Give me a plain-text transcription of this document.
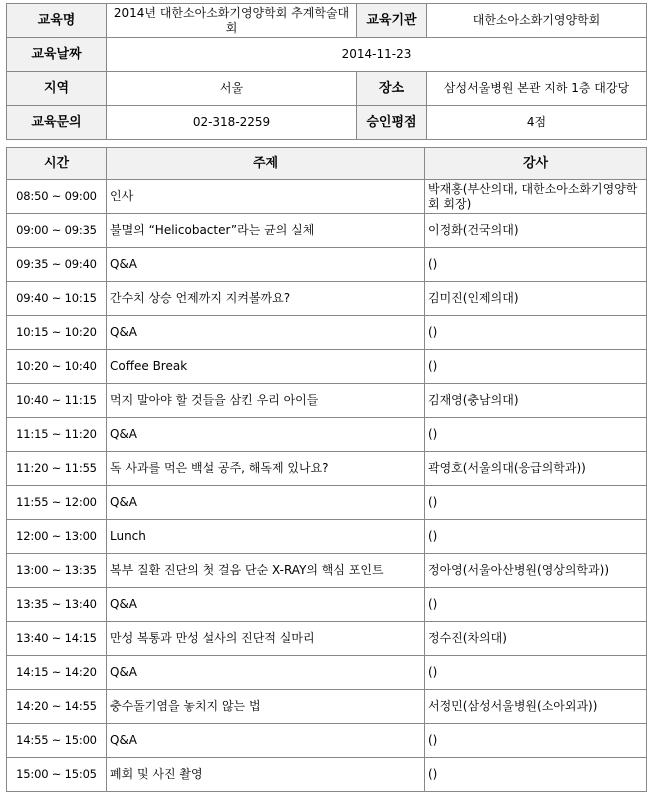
교육명	2014년 대한소아소화기영양학회 추계학술대회	교육기관	대한소아소화기영양학회
교육날짜	2014-11-23		
지역	서울	장소	삼성서울병원 본관 지하 1층 대강당
교육문의	02-318-2259	승인평점	4점
시간	주제	강사
08:50 ~ 09:00	인사	박재홍(부산의대, 대한소아소화기영양학회 회장)
09:00 ~ 09:35	불멸의 “Helicobacter”라는 균의 실체	이정화(건국의대)
09:35 ~ 09:40	Q&A	()
09:40 ~ 10:15	간수치 상승 언제까지 지켜볼까요?	김미진(인제의대)
10:15 ~ 10:20	Q&A	()
10:20 ~ 10:40	Coffee Break	()
10:40 ~ 11:15	먹지 말아야 할 것들을 삼킨 우리 아이들	김재영(충남의대)
11:15 ~ 11:20	Q&A	()
11:20 ~ 11:55	독 사과를 먹은 백설 공주, 해독제 있나요?	곽영호(서울의대(응급의학과))
11:55 ~ 12:00	Q&A	()
12:00 ~ 13:00	Lunch	()
13:00 ~ 13:35	복부 질환 진단의 첫 걸음 단순 X-RAY의 핵심 포인트	정아영(서울아산병원(영상의학과))
13:35 ~ 13:40	Q&A	()
13:40 ~ 14:15	만성 복통과 만성 설사의 진단적 실마리	정수진(차의대)
14:15 ~ 14:20	Q&A	()
14:20 ~ 14:55	충수돌기염을 놓치지 않는 법	서정민(삼성서울병원(소아외과))
14:55 ~ 15:00	Q&A	()
15:00 ~ 15:05	폐회 및 사진 촬영	()
